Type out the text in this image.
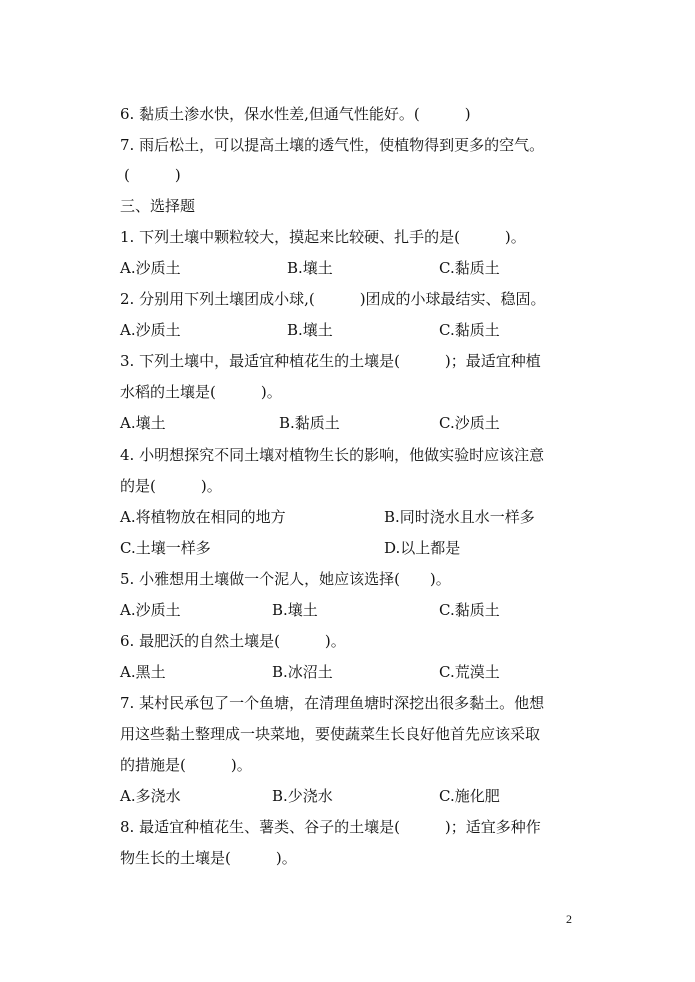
6. 黏质土渗水快，保水性差,但通气性能好。(　　　)
7. 雨后松土，可以提高土壤的透气性，使植物得到更多的空气。
(　　　)
三、选择题
1. 下列土壤中颗粒较大，摸起来比较硬、扎手的是(　　　)。
A.沙质土	B.壤土	C.黏质土
2. 分别用下列土壤团成小球,(　　　)团成的小球最结实、稳固。
A.沙质土	B.壤土	C.黏质土
3. 下列土壤中，最适宜种植花生的土壤是(　　　)；最适宜种植
水稻的土壤是(　　　)。
A.壤土	B.黏质土	C.沙质土
4. 小明想探究不同土壤对植物生长的影响，他做实验时应该注意
的是(　　　)。
A.将植物放在相同的地方	B.同时浇水且水一样多
C.土壤一样多	D.以上都是
5. 小雅想用土壤做一个泥人，她应该选择(　　)。
A.沙质土	B.壤土	C.黏质土
6. 最肥沃的自然土壤是(　　　)。
A.黑土	B.冰沼土	C.荒漠土
7. 某村民承包了一个鱼塘，在清理鱼塘时深挖出很多黏土。他想
用这些黏土整理成一块菜地，要使蔬菜生长良好他首先应该采取
的措施是(　　　)。
A.多浇水	B.少浇水	C.施化肥
8. 最适宜种植花生、薯类、谷子的土壤是(　　　)；适宜多种作
物生长的土壤是(　　　)。
2
